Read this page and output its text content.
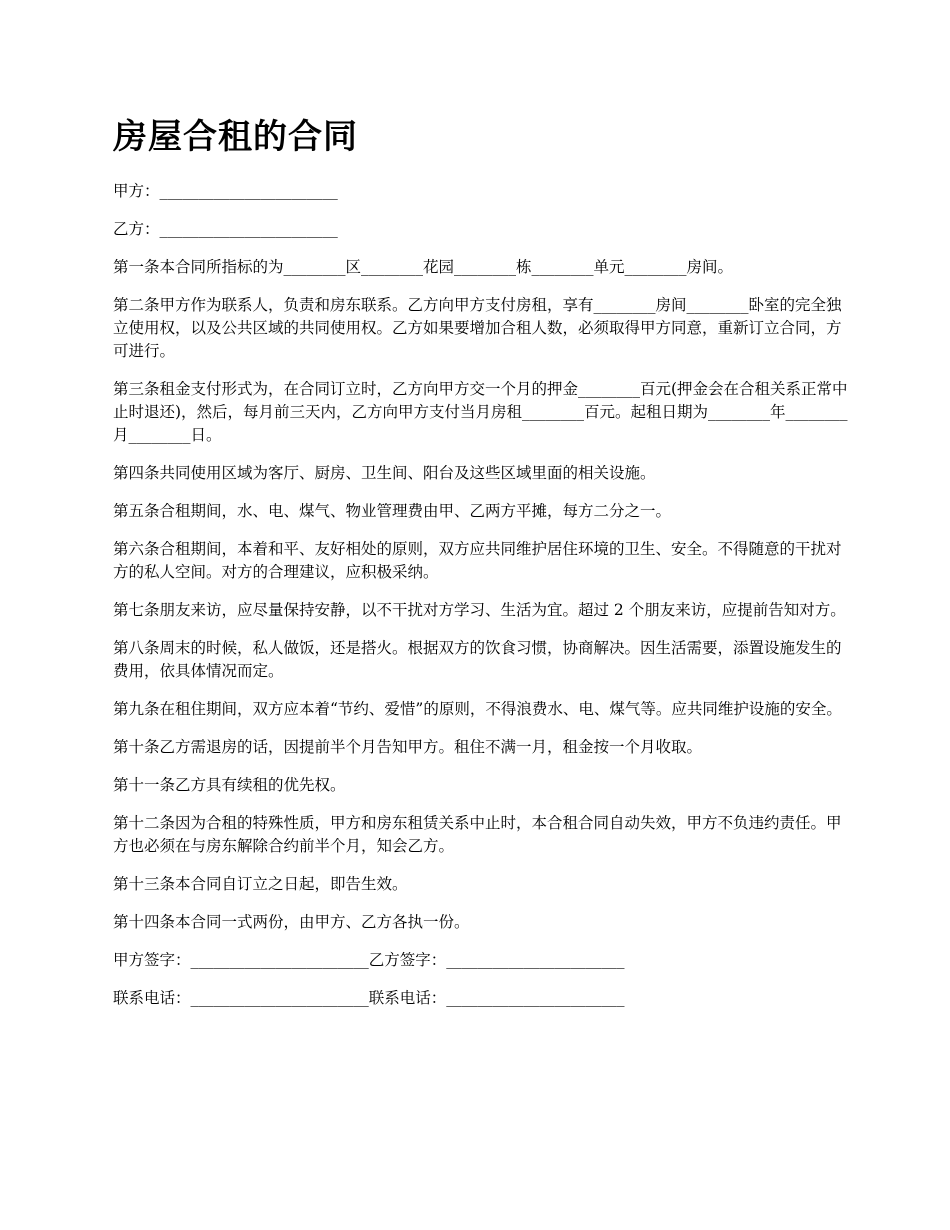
房屋合租的合同

甲方：_______________________

乙方：_______________________

第一条本合同所指标的为________区________花园________栋________单元________房间。

第二条甲方作为联系人，负责和房东联系。乙方向甲方支付房租，享有________房间________卧室的完全独立使用权，以及公共区域的共同使用权。乙方如果要增加合租人数，必须取得甲方同意，重新订立合同，方可进行。

第三条租金支付形式为，在合同订立时，乙方向甲方交一个月的押金________百元(押金会在合租关系正常中止时退还)，然后，每月前三天内，乙方向甲方支付当月房租________百元。起租日期为________年________月________日。

第四条共同使用区域为客厅、厨房、卫生间、阳台及这些区域里面的相关设施。

第五条合租期间，水、电、煤气、物业管理费由甲、乙两方平摊，每方二分之一。

第六条合租期间，本着和平、友好相处的原则，双方应共同维护居住环境的卫生、安全。不得随意的干扰对方的私人空间。对方的合理建议，应积极采纳。

第七条朋友来访，应尽量保持安静，以不干扰对方学习、生活为宜。超过 2 个朋友来访，应提前告知对方。

第八条周末的时候，私人做饭，还是搭火。根据双方的饮食习惯，协商解决。因生活需要，添置设施发生的费用，依具体情况而定。

第九条在租住期间，双方应本着“节约、爱惜”的原则，不得浪费水、电、煤气等。应共同维护设施的安全。

第十条乙方需退房的话，因提前半个月告知甲方。租住不满一月，租金按一个月收取。

第十一条乙方具有续租的优先权。

第十二条因为合租的特殊性质，甲方和房东租赁关系中止时，本合租合同自动失效，甲方不负违约责任。甲方也必须在与房东解除合约前半个月，知会乙方。

第十三条本合同自订立之日起，即告生效。

第十四条本合同一式两份，由甲方、乙方各执一份。

甲方签字：_______________________乙方签字：_______________________

联系电话：_______________________联系电话：_______________________
